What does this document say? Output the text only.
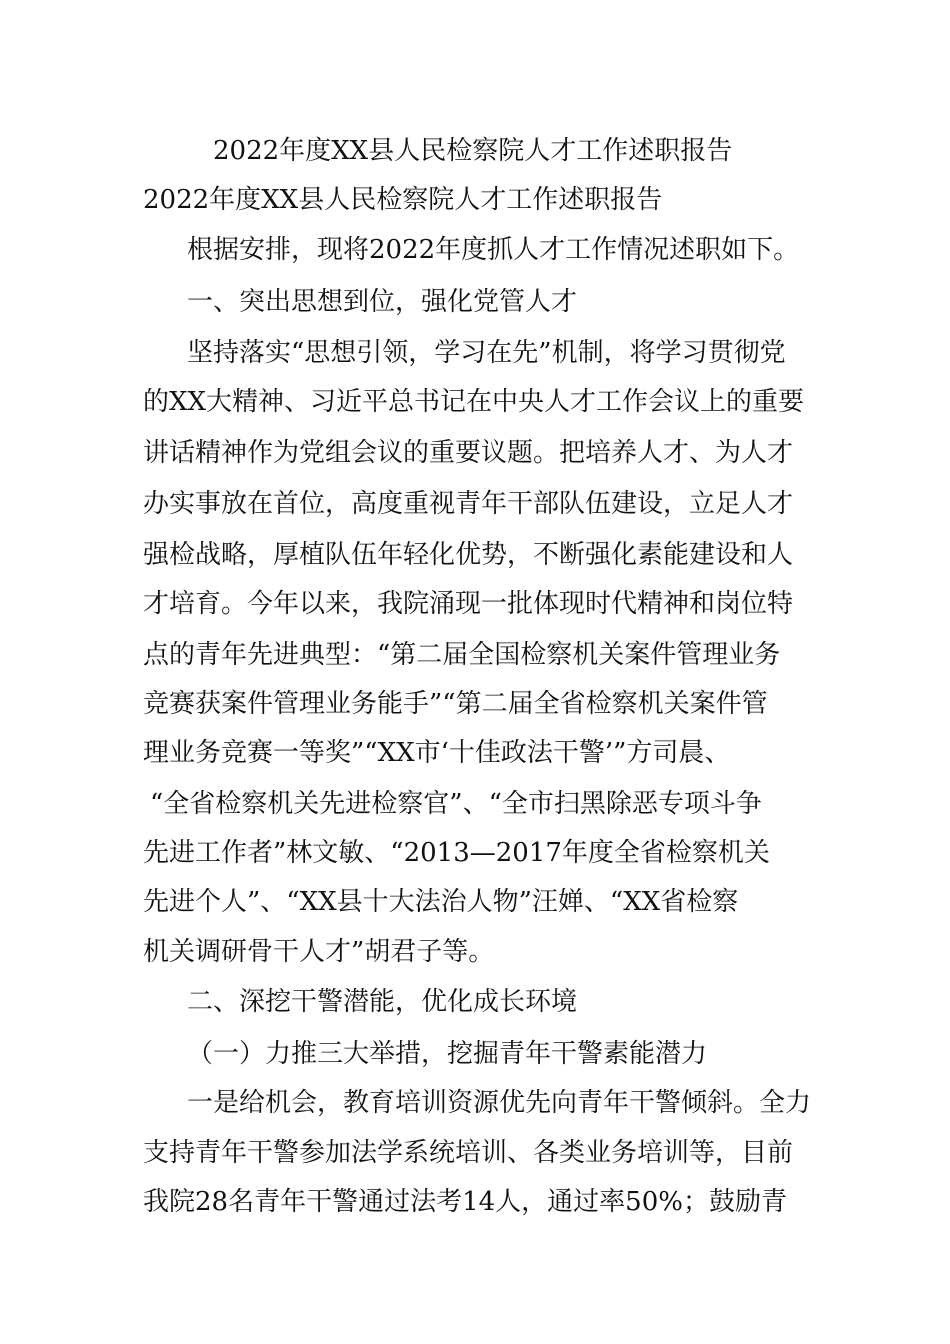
2022年度XX县人民检察院人才工作述职报告
2022年度XX县人民检察院人才工作述职报告
根据安排，现将2022年度抓人才工作情况述职如下。
一、突出思想到位，强化党管人才
坚持落实“思想引领，学习在先”机制，将学习贯彻党
的XX大精神、习近平总书记在中央人才工作会议上的重要
讲话精神作为党组会议的重要议题。把培养人才、为人才
办实事放在首位，高度重视青年干部队伍建设，立足人才
强检战略，厚植队伍年轻化优势，不断强化素能建设和人
才培育。今年以来，我院涌现一批体现时代精神和岗位特
点的青年先进典型：“第二届全国检察机关案件管理业务
竞赛获案件管理业务能手”“第二届全省检察机关案件管
理业务竞赛一等奖”“XX市‘十佳政法干警’”方司晨、
“全省检察机关先进检察官”、“全市扫黑除恶专项斗争
先进工作者”林文敏、“2013—2017年度全省检察机关
先进个人”、“XX县十大法治人物”汪婵、“XX省检察
机关调研骨干人才”胡君子等。
二、深挖干警潜能，优化成长环境
（一）力推三大举措，挖掘青年干警素能潜力
一是给机会，教育培训资源优先向青年干警倾斜。全力
支持青年干警参加法学系统培训、各类业务培训等，目前
我院28名青年干警通过法考14人，通过率50%；鼓励青
